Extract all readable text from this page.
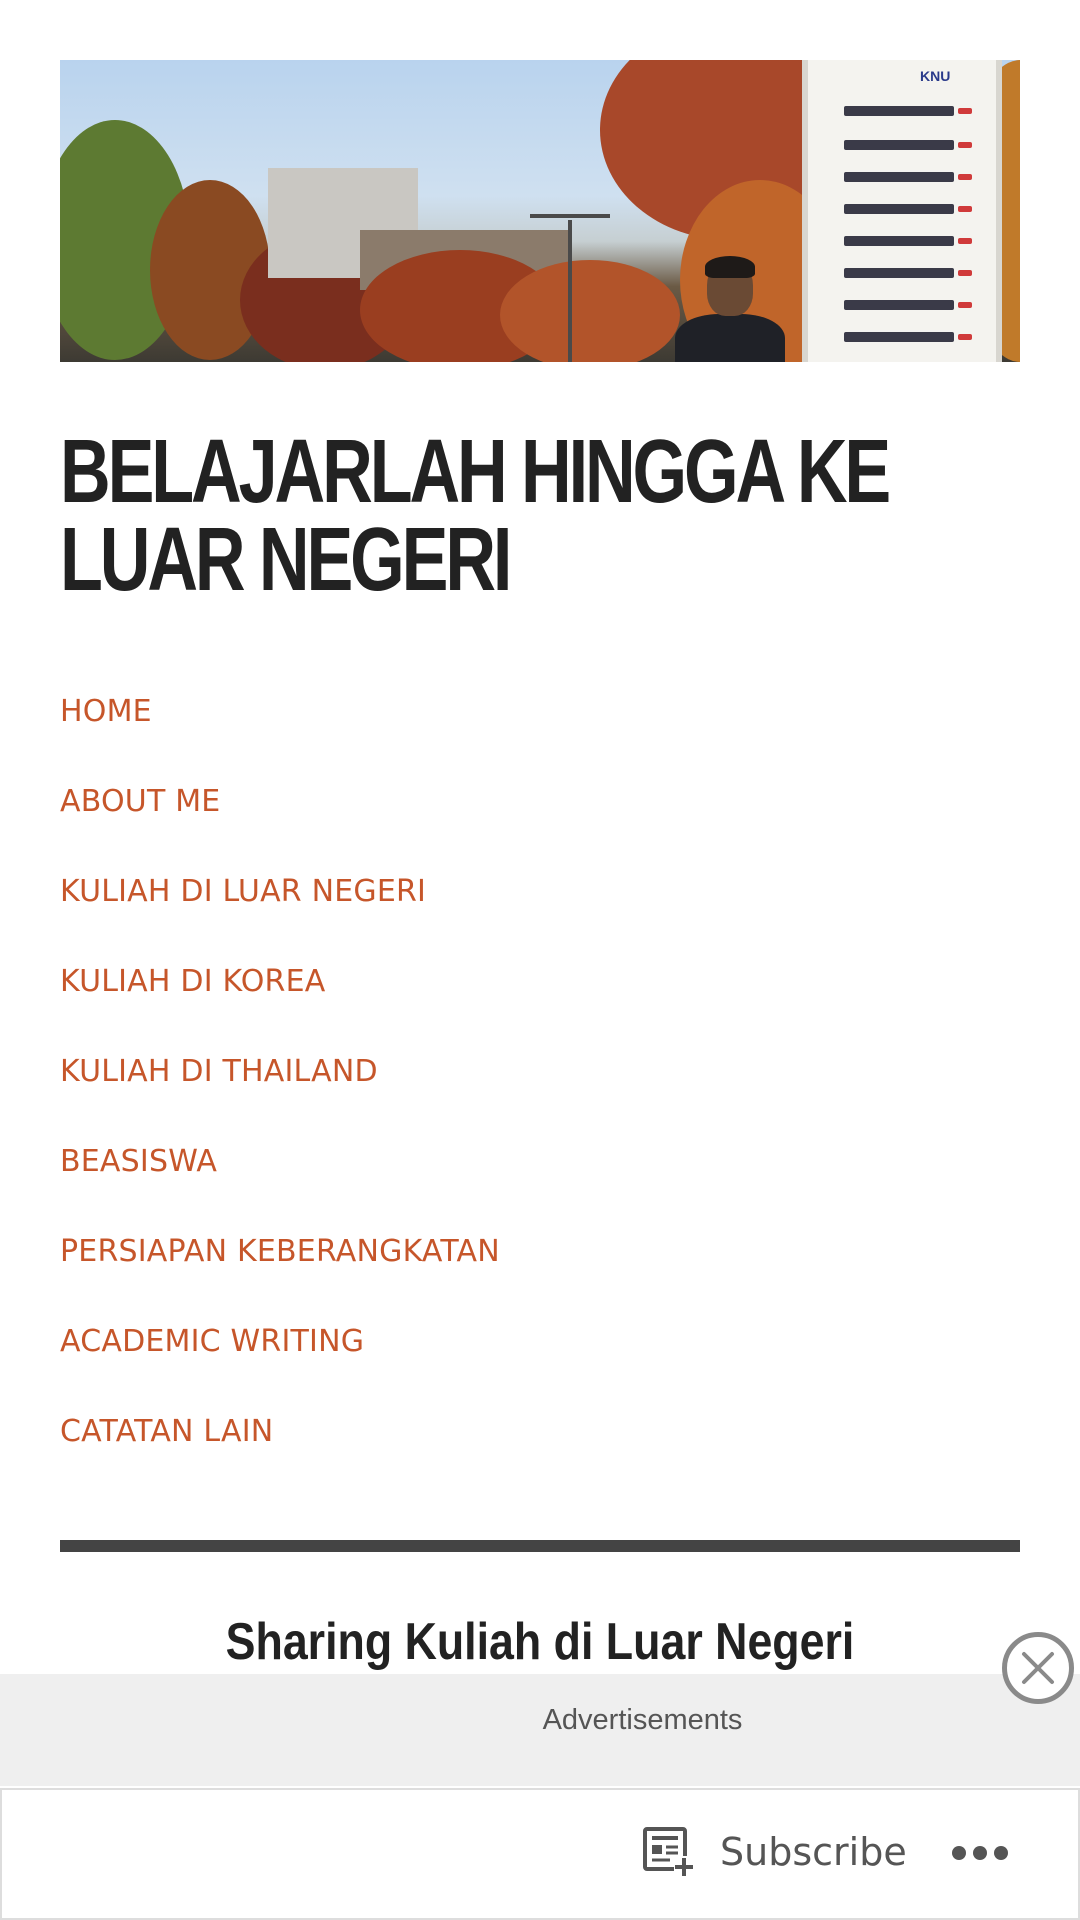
KNU
BELAJARLAH HINGGA KE LUAR NEGERI
HOME
ABOUT ME
KULIAH DI LUAR NEGERI
KULIAH DI KOREA
KULIAH DI THAILAND
BEASISWA
PERSIAPAN KEBERANGKATAN
ACADEMIC WRITING
CATATAN LAIN
Sharing Kuliah di Luar Negeri
Advertisements
Subscribe
